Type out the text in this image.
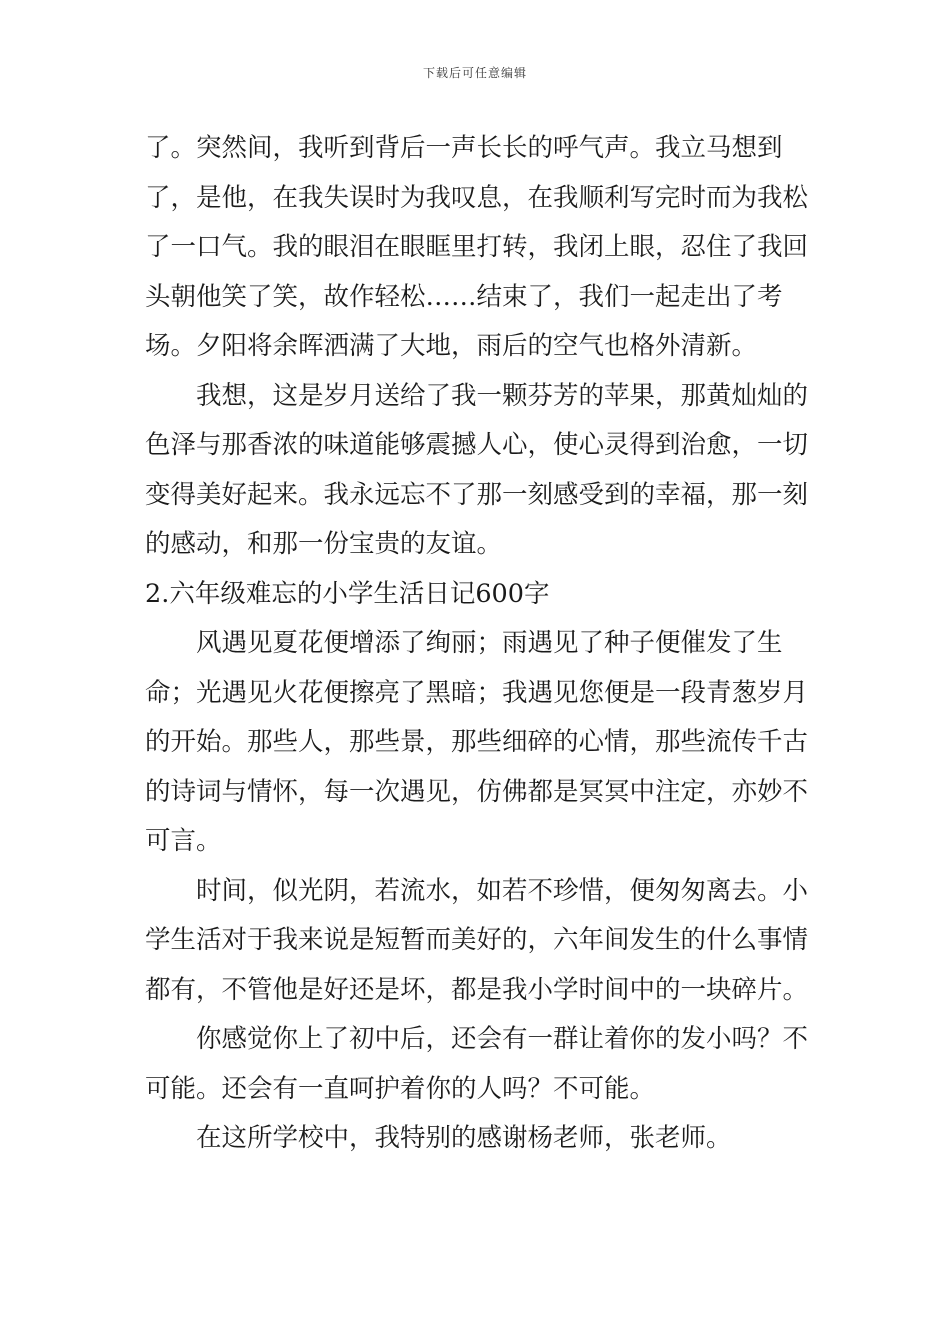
下载后可任意编辑

了。突然间，我听到背后一声长长的呼气声。我立马想到了，是他，在我失误时为我叹息，在我顺利写完时而为我松了一口气。我的眼泪在眼眶里打转，我闭上眼，忍住了我回头朝他笑了笑，故作轻松……结束了，我们一起走出了考场。夕阳将余晖洒满了大地，雨后的空气也格外清新。

我想，这是岁月送给了我一颗芬芳的苹果，那黄灿灿的色泽与那香浓的味道能够震撼人心，使心灵得到治愈，一切变得美好起来。我永远忘不了那一刻感受到的幸福，那一刻的感动，和那一份宝贵的友谊。

2.六年级难忘的小学生活日记600字

风遇见夏花便增添了绚丽；雨遇见了种子便催发了生命；光遇见火花便擦亮了黑暗；我遇见您便是一段青葱岁月的开始。那些人，那些景，那些细碎的心情，那些流传千古的诗词与情怀，每一次遇见，仿佛都是冥冥中注定，亦妙不可言。

时间，似光阴，若流水，如若不珍惜，便匆匆离去。小学生活对于我来说是短暂而美好的，六年间发生的什么事情都有，不管他是好还是坏，都是我小学时间中的一块碎片。

你感觉你上了初中后，还会有一群让着你的发小吗？不可能。还会有一直呵护着你的人吗？不可能。

在这所学校中，我特别的感谢杨老师，张老师。
